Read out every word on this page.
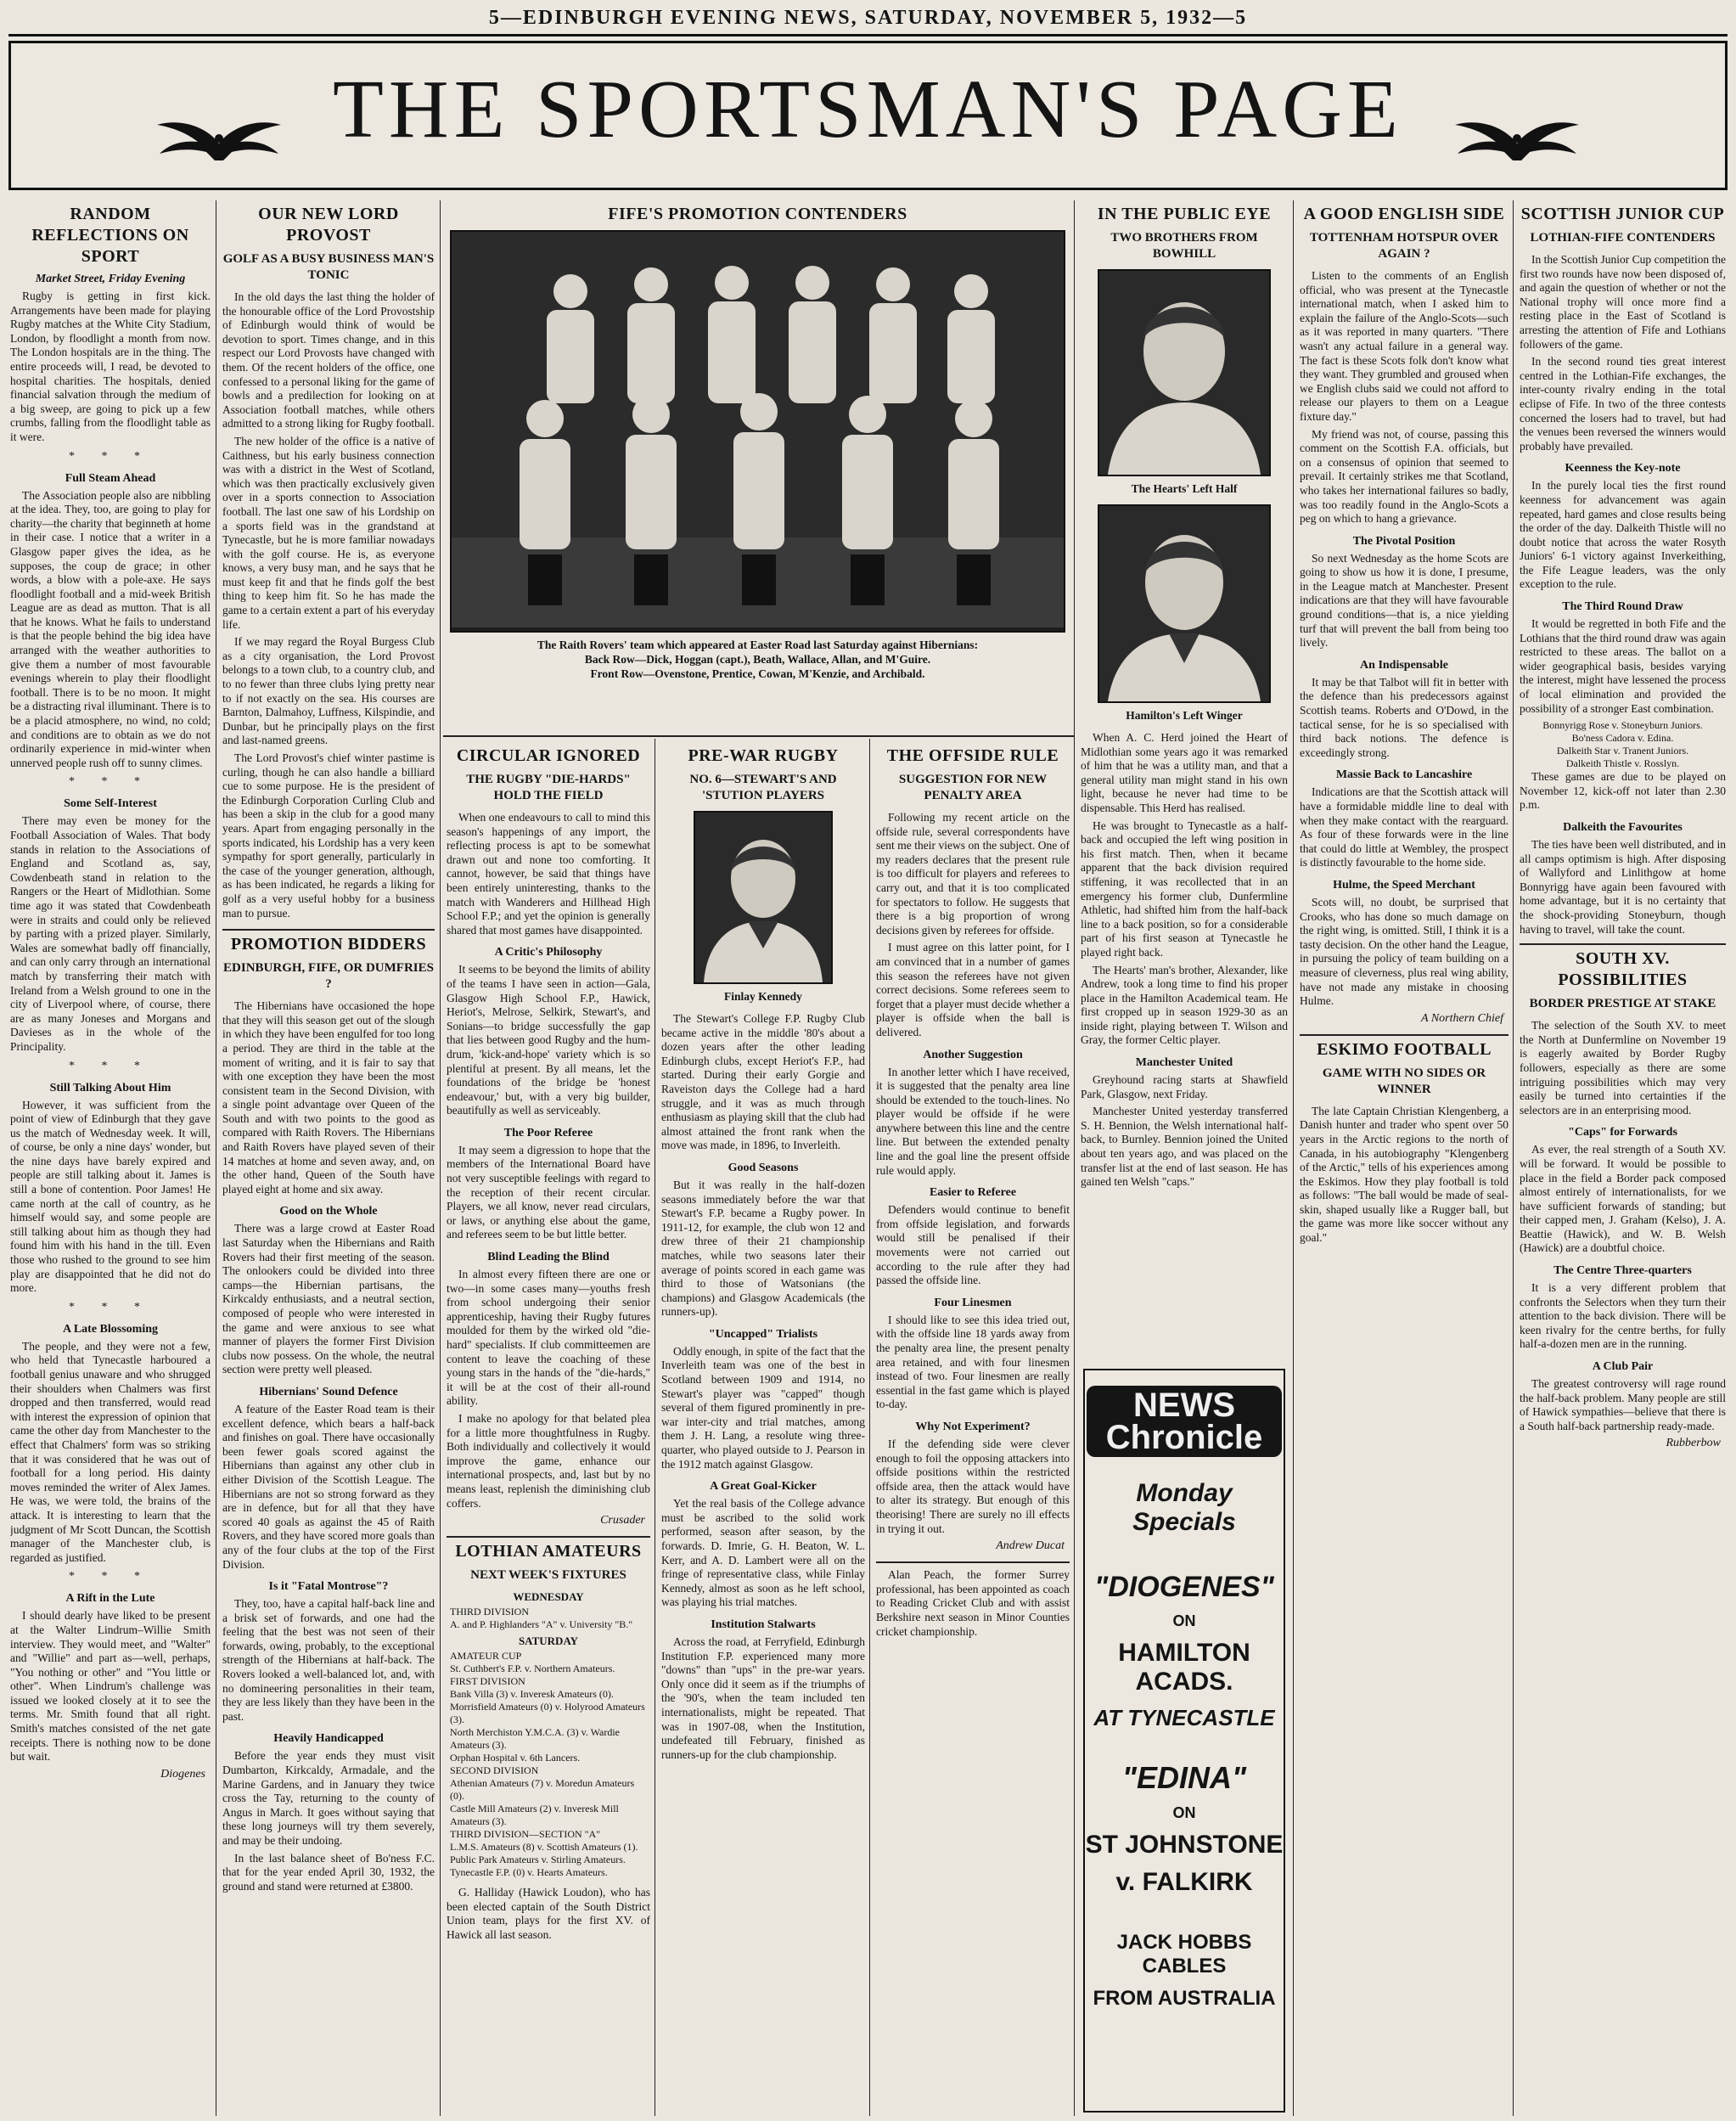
5—EDINBURGH EVENING NEWS, SATURDAY, NOVEMBER 5, 1932—5
THE SPORTSMAN'S PAGE
RANDOM REFLECTIONS ON SPORT
Market Street, Friday Evening

Rugby is getting in first kick. Arrangements have been made for playing Rugby matches at the White City Stadium, London, by floodlight a month from now. The London hospitals are in the thing. The entire proceeds will, I read, be devoted to hospital charities. The hospitals, denied financial salvation through the medium of a big sweep, are going to pick up a few crumbs, falling from the floodlight table as it were.

* * *
Full Steam Ahead

The Association people also are nibbling at the idea. They, too, are going to play for charity—the charity that beginneth at home in their case. I notice that a writer in a Glasgow paper gives the idea, as he supposes, the coup de grace; in other words, a blow with a pole-axe. He says floodlight football and a mid-week British League are as dead as mutton. That is all that he knows. What he fails to understand is that the people behind the big idea have arranged with the weather authorities to give them a number of most favourable evenings wherein to play their floodlight football. There is to be no moon. It might be a distracting rival illuminant. There is to be a placid atmosphere, no wind, no cold; and conditions are to obtain as we do not ordinarily experience in mid-winter when unnerved people rush off to sunny climes.

* * *
Some Self-Interest

There may even be money for the Football Association of Wales. That body stands in relation to the Associations of England and Scotland as, say, Cowdenbeath stand in relation to the Rangers or the Heart of Midlothian. Some time ago it was stated that Cowdenbeath were in straits and could only be relieved by parting with a prized player. Similarly, Wales are somewhat badly off financially, and can only carry through an international match by transferring their match with Ireland from a Welsh ground to one in the city of Liverpool where, of course, there are as many Joneses and Morgans and Davieses as in the whole of the Principality.

* * *
Still Talking About Him

However, it was sufficient from the point of view of Edinburgh that they gave us the match of Wednesday week. It will, of course, be only a nine days' wonder, but the nine days have barely expired and people are still talking about it. James is still a bone of contention. Poor James! He came north at the call of country, as he himself would say, and some people are still talking about him as though they had found him with his hand in the till. Even those who rushed to the ground to see him play are disappointed that he did not do more.

* * *
A Late Blossoming

The people, and they were not a few, who held that Tynecastle harboured a football genius unaware and who shrugged their shoulders when Chalmers was first dropped and then transferred, would read with interest the expression of opinion that came the other day from Manchester to the effect that Chalmers' form was so striking that it was considered that he was out of football for a long period. His dainty moves reminded the writer of Alex James. He was, we were told, the brains of the attack. It is interesting to learn that the judgment of Mr Scott Duncan, the Scottish manager of the Manchester club, is regarded as justified.

* * *
A Rift in the Lute

I should dearly have liked to be present at the Walter Lindrum–Willie Smith interview. They would meet, and "Walter" and "Willie" and part as—well, perhaps, "You nothing or other" and "You little or other". When Lindrum's challenge was issued we looked closely at it to see the terms. Mr. Smith found that all right. Smith's matches consisted of the net gate receipts. There is nothing now to be done but wait.

Diogenes
OUR NEW LORD PROVOST
GOLF AS A BUSY BUSINESS MAN'S TONIC

In the old days the last thing the holder of the honourable office of the Lord Provostship of Edinburgh would think of would be devotion to sport. Times change, and in this respect our Lord Provosts have changed with them. Of the recent holders of the office, one confessed to a personal liking for the game of bowls and a predilection for looking on at Association football matches, while others admitted to a strong liking for Rugby football.

The new holder of the office is a native of Caithness, but his early business connection was with a district in the West of Scotland, which was then practically exclusively given over in a sports connection to Association football. The last one saw of his Lordship on a sports field was in the grandstand at Tynecastle, but he is more familiar nowadays with the golf course. He is, as everyone knows, a very busy man, and he says that he must keep fit and that he finds golf the best thing to keep him fit. So he has made the game to a certain extent a part of his everyday life.

If we may regard the Royal Burgess Club as a city organisation, the Lord Provost belongs to a town club, to a country club, and to no fewer than three clubs lying pretty near to if not exactly on the sea. His courses are Barnton, Dalmahoy, Luffness, Kilspindie, and Dunbar, but he principally plays on the first and last-named greens.

The Lord Provost's chief winter pastime is curling, though he can also handle a billiard cue to some purpose. He is the president of the Edinburgh Corporation Curling Club and has been a skip in the club for a good many years. Apart from engaging personally in the sports indicated, his Lordship has a very keen sympathy for sport generally, particularly in the case of the younger generation, although, as has been indicated, he regards a liking for golf as a very useful hobby for a business man to pursue.

PROMOTION BIDDERS
EDINBURGH, FIFE, OR DUMFRIES ?

The Hibernians have occasioned the hope that they will this season get out of the slough in which they have been engulfed for too long a period. They are third in the table at the moment of writing, and it is fair to say that with one exception they have been the most consistent team in the Second Division, with a single point advantage over Queen of the South and with two points to the good as compared with Raith Rovers. The Hibernians and Raith Rovers have played seven of their 14 matches at home and seven away, and, on the other hand, Queen of the South have played eight at home and six away.

Good on the Whole

There was a large crowd at Easter Road last Saturday when the Hibernians and Raith Rovers had their first meeting of the season. The onlookers could be divided into three camps—the Hibernian partisans, the Kirkcaldy enthusiasts, and a neutral section, composed of people who were interested in the game and were anxious to see what manner of players the former First Division clubs now possess. On the whole, the neutral section were pretty well pleased.

Hibernians' Sound Defence

A feature of the Easter Road team is their excellent defence, which bears a half-back and finishes on goal. There have occasionally been fewer goals scored against the Hibernians than against any other club in either Division of the Scottish League. The Hibernians are not so strong forward as they are in defence, but for all that they have scored 40 goals as against the 45 of Raith Rovers, and they have scored more goals than any of the four clubs at the top of the First Division.

Is it "Fatal Montrose"?

They, too, have a capital half-back line and a brisk set of forwards, and one had the feeling that the best was not seen of their forwards, owing, probably, to the exceptional strength of the Hibernians at half-back. The Rovers looked a well-balanced lot, and, with no domineering personalities in their team, they are less likely than they have been in the past.

Heavily Handicapped

Before the year ends they must visit Dumbarton, Kirkcaldy, Armadale, and the Marine Gardens, and in January they twice cross the Tay, returning to the county of Angus in March. It goes without saying that these long journeys will try them severely, and may be their undoing.

In the last balance sheet of Bo'ness F.C. that for the year ended April 30, 1932, the ground and stand were returned at £3800.

FIFE'S PROMOTION CONTENDERS
The Raith Rovers' team which appeared at Easter Road last Saturday against Hibernians:
Back Row—Dick, Hoggan (capt.), Beath, Wallace, Allan, and M'Guire.
Front Row—Ovenstone, Prentice, Cowan, M'Kenzie, and Archibald.
CIRCULAR IGNORED
THE RUGBY "DIE-HARDS" HOLD THE FIELD

When one endeavours to call to mind this season's happenings of any import, the reflecting process is apt to be somewhat drawn out and none too comforting. It cannot, however, be said that things have been entirely uninteresting, thanks to the match with Wanderers and Hillhead High School F.P.; and yet the opinion is generally shared that most games have disappointed.

A Critic's Philosophy

It seems to be beyond the limits of ability of the teams I have seen in action—Gala, Glasgow High School F.P., Hawick, Heriot's, Melrose, Selkirk, Stewart's, and Sonians—to bridge successfully the gap that lies between good Rugby and the hum-drum, 'kick-and-hope' variety which is so plentiful at present. By all means, let the foundations of the bridge be 'honest endeavour,' but, with a very big builder, beautifully as well as serviceably.

The Poor Referee

It may seem a digression to hope that the members of the International Board have not very susceptible feelings with regard to the reception of their recent circular. Players, we all know, never read circulars, or laws, or anything else about the game, and referees seem to be but little better.

Blind Leading the Blind

In almost every fifteen there are one or two—in some cases many—youths fresh from school undergoing their senior apprenticeship, having their Rugby futures moulded for them by the wirked old "die-hard" specialists. If club committeemen are content to leave the coaching of these young stars in the hands of the "die-hards," it will be at the cost of their all-round ability.

I make no apology for that belated plea for a little more thoughtfulness in Rugby. Both individually and collectively it would improve the game, enhance our international prospects, and, last but by no means least, replenish the diminishing club coffers.

Crusader
LOTHIAN AMATEURS
NEXT WEEK'S FIXTURES
WEDNESDAY
THIRD DIVISION
A. and P. Highlanders "A" v. University "B."
SATURDAY
AMATEUR CUP
St. Cuthbert's F.P. v. Northern Amateurs.
FIRST DIVISION
Bank Villa (3) v. Inveresk Amateurs (0).
Morrisfield Amateurs (0) v. Holyrood Amateurs (3).
North Merchiston Y.M.C.A. (3) v. Wardie Amateurs (3).
Orphan Hospital v. 6th Lancers.
SECOND DIVISION
Athenian Amateurs (7) v. Moredun Amateurs (0).
Castle Mill Amateurs (2) v. Inveresk Mill Amateurs (3).
THIRD DIVISION—SECTION "A"
L.M.S. Amateurs (8) v. Scottish Amateurs (1).
Public Park Amateurs v. Stirling Amateurs.
Tynecastle F.P. (0) v. Hearts Amateurs.

G. Halliday (Hawick Loudon), who has been elected captain of the South District Union team, plays for the first XV. of Hawick all last season.

PRE-WAR RUGBY
NO. 6—STEWART'S AND 'STUTION PLAYERS
Finlay Kennedy

The Stewart's College F.P. Rugby Club became active in the middle '80's about a dozen years after the other leading Edinburgh clubs, except Heriot's F.P., had started. During their early Gorgie and Raveiston days the College had a hard struggle, and it was as much through enthusiasm as playing skill that the club had almost attained the front rank when the move was made, in 1896, to Inverleith.

Good Seasons

But it was really in the half-dozen seasons immediately before the war that Stewart's F.P. became a Rugby power. In 1911-12, for example, the club won 12 and drew three of their 21 championship matches, while two seasons later their average of points scored in each game was third to those of Watsonians (the champions) and Glasgow Academicals (the runners-up).

"Uncapped" Trialists

Oddly enough, in spite of the fact that the Inverleith team was one of the best in Scotland between 1909 and 1914, no Stewart's player was "capped" though several of them figured prominently in pre-war inter-city and trial matches, among them J. H. Lang, a resolute wing three-quarter, who played outside to J. Pearson in the 1912 match against Glasgow.

A Great Goal-Kicker

Yet the real basis of the College advance must be ascribed to the solid work performed, season after season, by the forwards. D. Imrie, G. H. Beaton, W. L. Kerr, and A. D. Lambert were all on the fringe of representative class, while Finlay Kennedy, almost as soon as he left school, was playing his trial matches.

Institution Stalwarts

Across the road, at Ferryfield, Edinburgh Institution F.P. experienced many more "downs" than "ups" in the pre-war years. Only once did it seem as if the triumphs of the '90's, when the team included ten internationalists, might be repeated. That was in 1907-08, when the Institution, undefeated till February, finished as runners-up for the club championship.

THE OFFSIDE RULE
SUGGESTION FOR NEW PENALTY AREA

Following my recent article on the offside rule, several correspondents have sent me their views on the subject. One of my readers declares that the present rule is too difficult for players and referees to carry out, and that it is too complicated for spectators to follow. He suggests that there is a big proportion of wrong decisions given by referees for offside.

I must agree on this latter point, for I am convinced that in a number of games this season the referees have not given correct decisions. Some referees seem to forget that a player must decide whether a player is offside when the ball is delivered.

Another Suggestion

In another letter which I have received, it is suggested that the penalty area line should be extended to the touch-lines. No player would be offside if he were anywhere between this line and the centre line. But between the extended penalty line and the goal line the present offside rule would apply.

Easier to Referee

Defenders would continue to benefit from offside legislation, and forwards would still be penalised if their movements were not carried out according to the rule after they had passed the offside line.

Four Linesmen

I should like to see this idea tried out, with the offside line 18 yards away from the penalty area line, the present penalty area retained, and with four linesmen instead of two. Four linesmen are really essential in the fast game which is played to-day.

Why Not Experiment?

If the defending side were clever enough to foil the opposing attackers into offside positions within the restricted offside area, then the attack would have to alter its strategy. But enough of this theorising! There are surely no ill effects in trying it out.

Andrew Ducat

Alan Peach, the former Surrey professional, has been appointed as coach to Reading Cricket Club and with assist Berkshire next season in Minor Counties cricket championship.

IN THE PUBLIC EYE
TWO BROTHERS FROM BOWHILL
The Hearts' Left Half
Hamilton's Left Winger

When A. C. Herd joined the Heart of Midlothian some years ago it was remarked of him that he was a utility man, and that a general utility man might stand in his own light, because he never had time to be dispensable. This Herd has realised.

He was brought to Tynecastle as a half-back and occupied the left wing position in his first match. Then, when it became apparent that the back division required stiffening, it was recollected that in an emergency his former club, Dunfermline Athletic, had shifted him from the half-back line to a back position, so for a considerable part of his first season at Tynecastle he played right back.

The Hearts' man's brother, Alexander, like Andrew, took a long time to find his proper place in the Hamilton Academical team. He first cropped up in season 1929-30 as an inside right, playing between T. Wilson and Gray, the former Celtic player.

Manchester United

Greyhound racing starts at Shawfield Park, Glasgow, next Friday.

Manchester United yesterday transferred S. H. Bennion, the Welsh international half-back, to Burnley. Bennion joined the United about ten years ago, and was placed on the transfer list at the end of last season. He has gained ten Welsh "caps."

NEWS
Chronicle
Monday Specials
"DIOGENES"
ON
HAMILTON ACADS.
AT TYNECASTLE
"EDINA"
ON
ST JOHNSTONE
v. FALKIRK
JACK HOBBS CABLES
FROM AUSTRALIA
A GOOD ENGLISH SIDE
TOTTENHAM HOTSPUR OVER AGAIN ?

Listen to the comments of an English official, who was present at the Tynecastle international match, when I asked him to explain the failure of the Anglo-Scots—such as it was reported in many quarters. "There wasn't any actual failure in a general way. The fact is these Scots folk don't know what they want. They grumbled and groused when we English clubs said we could not afford to release our players to them on a League fixture day."

My friend was not, of course, passing this comment on the Scottish F.A. officials, but on a consensus of opinion that seemed to prevail. It certainly strikes me that Scotland, who takes her international failures so badly, was too readily found in the Anglo-Scots a peg on which to hang a grievance.

The Pivotal Position

So next Wednesday as the home Scots are going to show us how it is done, I presume, in the League match at Manchester. Present indications are that they will have favourable ground conditions—that is, a nice yielding turf that will prevent the ball from being too lively.

An Indispensable

It may be that Talbot will fit in better with the defence than his predecessors against Scottish teams. Roberts and O'Dowd, in the tactical sense, for he is so specialised with third back notions. The defence is exceedingly strong.

Massie Back to Lancashire

Indications are that the Scottish attack will have a formidable middle line to deal with when they make contact with the rearguard. As four of these forwards were in the line that could do little at Wembley, the prospect is distinctly favourable to the home side.

Hulme, the Speed Merchant

Scots will, no doubt, be surprised that Crooks, who has done so much damage on the right wing, is omitted. Still, I think it is a tasty decision. On the other hand the League, in pursuing the policy of team building on a measure of cleverness, plus real wing ability, have not made any mistake in choosing Hulme.

A Northern Chief
ESKIMO FOOTBALL
GAME WITH NO SIDES OR WINNER

The late Captain Christian Klengenberg, a Danish hunter and trader who spent over 50 years in the Arctic regions to the north of Canada, in his autobiography "Klengenberg of the Arctic," tells of his experiences among the Eskimos. How they play football is told as follows: "The ball would be made of seal-skin, shaped usually like a Rugger ball, but the game was more like soccer without any goal."

SCOTTISH JUNIOR CUP
LOTHIAN-FIFE CONTENDERS

In the Scottish Junior Cup competition the first two rounds have now been disposed of, and again the question of whether or not the National trophy will once more find a resting place in the East of Scotland is arresting the attention of Fife and Lothians followers of the game.

In the second round ties great interest centred in the Lothian-Fife exchanges, the inter-county rivalry ending in the total eclipse of Fife. In two of the three contests concerned the losers had to travel, but had the venues been reversed the winners would probably have prevailed.

Keenness the Key-note

In the purely local ties the first round keenness for advancement was again repeated, hard games and close results being the order of the day. Dalkeith Thistle will no doubt notice that across the water Rosyth Juniors' 6-1 victory against Inverkeithing, the Fife League leaders, was the only exception to the rule.

The Third Round Draw

It would be regretted in both Fife and the Lothians that the third round draw was again restricted to these areas. The ballot on a wider geographical basis, besides varying the interest, might have lessened the process of local elimination and provided the possibility of a stronger East combination.

Bonnyrigg Rose v. Stoneyburn Juniors.
Bo'ness Cadora v. Edina.
Dalkeith Star v. Tranent Juniors.
Dalkeith Thistle v. Rosslyn.

These games are due to be played on November 12, kick-off not later than 2.30 p.m.

Dalkeith the Favourites

The ties have been well distributed, and in all camps optimism is high. After disposing of Wallyford and Linlithgow at home Bonnyrigg have again been favoured with home advantage, but it is no certainty that the shock-providing Stoneyburn, though having to travel, will take the count.

SOUTH XV. POSSIBILITIES
BORDER PRESTIGE AT STAKE

The selection of the South XV. to meet the North at Dunfermline on November 19 is eagerly awaited by Border Rugby followers, especially as there are some intriguing possibilities which may very easily be turned into certainties if the selectors are in an enterprising mood.

"Caps" for Forwards

As ever, the real strength of a South XV. will be forward. It would be possible to place in the field a Border pack composed almost entirely of internationalists, for we have sufficient forwards of standing; but their capped men, J. Graham (Kelso), J. A. Beattie (Hawick), and W. B. Welsh (Hawick) are a doubtful choice.

The Centre Three-quarters

It is a very different problem that confronts the Selectors when they turn their attention to the back division. There will be keen rivalry for the centre berths, for fully half-a-dozen men are in the running.

A Club Pair

The greatest controversy will rage round the half-back problem. Many people are still of Hawick sympathies—believe that there is a South half-back partnership ready-made.

Rubberbow
